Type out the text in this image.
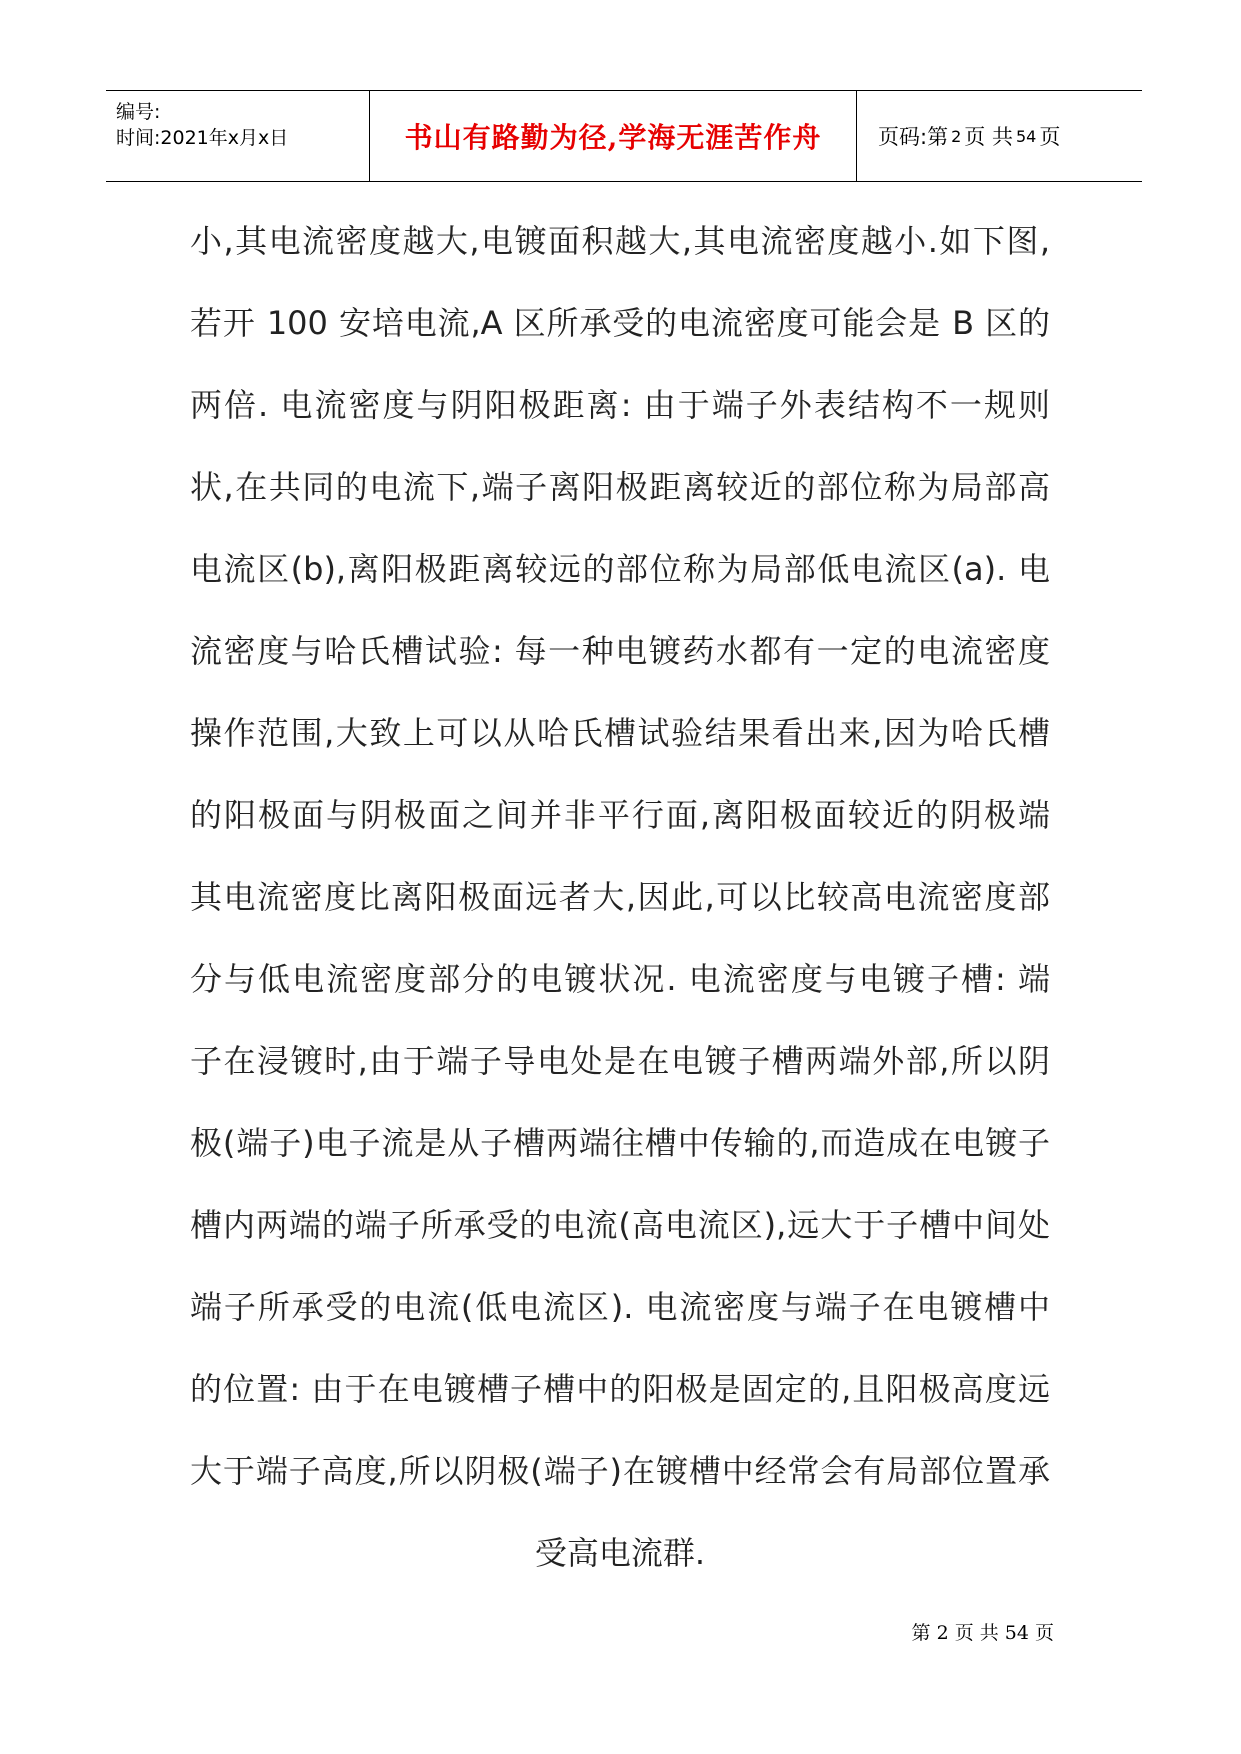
编号:
时间:2021年x月x日	书山有路勤为径,学海无涯苦作舟	页码:第 2 页 共 54 页
小,其电流密度越大,电镀面积越大,其电流密度越小.如下图,
若开 100 安培电流,A 区所承受的电流密度可能会是 B 区的
两倍. 电流密度与阴阳极距离: 由于端子外表结构不一规则
状,在共同的电流下,端子离阳极距离较近的部位称为局部高
电流区(b),离阳极距离较远的部位称为局部低电流区(a). 电
流密度与哈氏槽试验: 每一种电镀药水都有一定的电流密度
操作范围,大致上可以从哈氏槽试验结果看出来,因为哈氏槽
的阳极面与阴极面之间并非平行面,离阳极面较近的阴极端
其电流密度比离阳极面远者大,因此,可以比较高电流密度部
分与低电流密度部分的电镀状况. 电流密度与电镀子槽: 端
子在浸镀时,由于端子导电处是在电镀子槽两端外部,所以阴
极(端子)电子流是从子槽两端往槽中传输的,而造成在电镀子
槽内两端的端子所承受的电流(高电流区),远大于子槽中间处
端子所承受的电流(低电流区). 电流密度与端子在电镀槽中
的位置: 由于在电镀槽子槽中的阳极是固定的,且阳极高度远
大于端子高度,所以阴极(端子)在镀槽中经常会有局部位置承
受高电流群.
第 2 页 共 54 页
